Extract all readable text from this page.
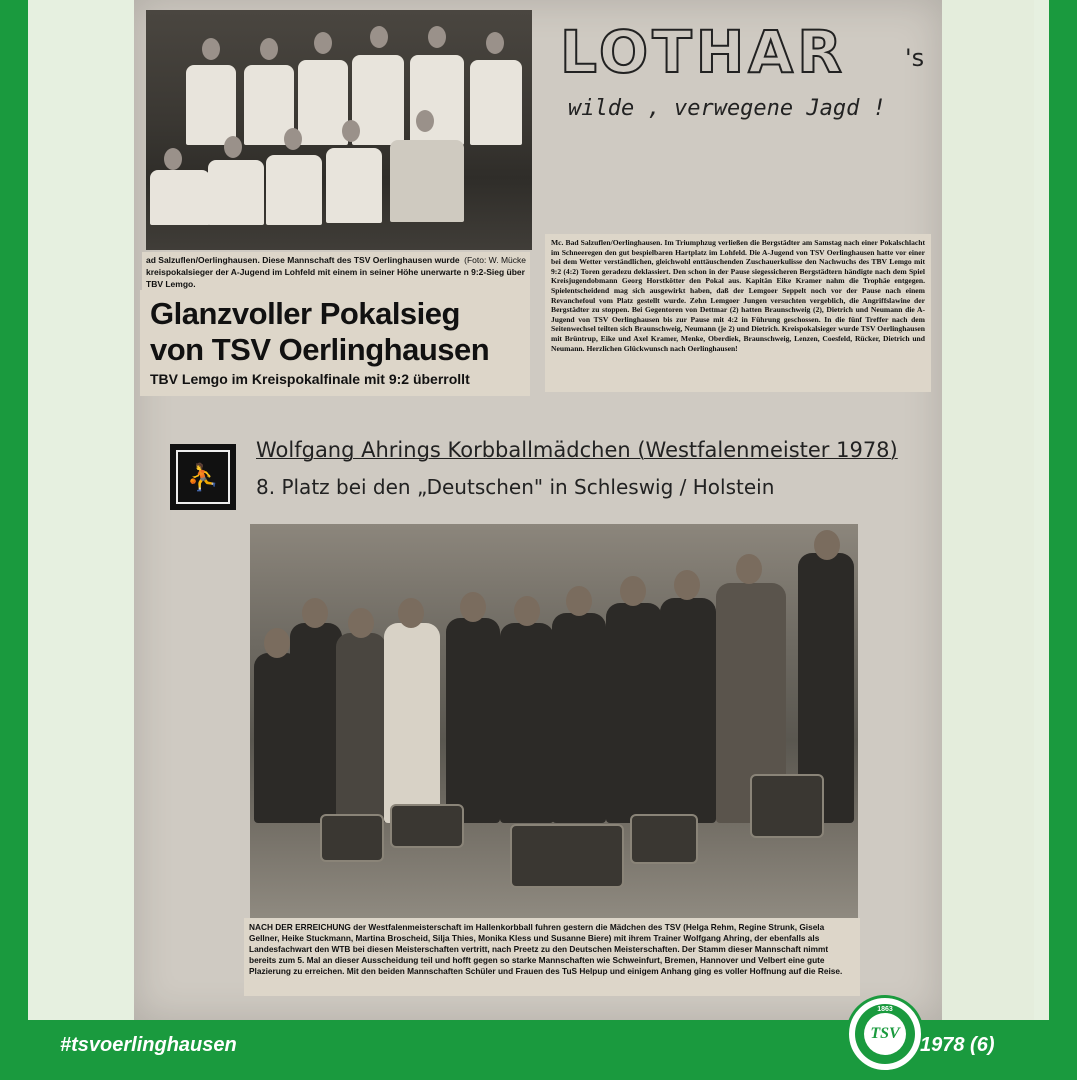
(Foto: W. Mücke
ad Salzuflen/Oerlinghausen. Diese Mannschaft des TSV Oerlinghausen wurde kreispokalsieger der A-Jugend im Lohfeld mit einem in seiner Höhe unerwarte n 9:2-Sieg über TBV Lemgo.
Glanzvoller Pokalsieg
von TSV Oerlinghausen
TBV Lemgo im Kreispokalfinale mit 9:2 überrollt
LOTHAR 's
wilde , verwegene Jagd !
Mc. Bad Salzuflen/Oerlinghausen. Im Triumphzug verließen die Bergstädter am Samstag nach einer Pokalschlacht im Schneeregen den gut bespielbaren Hartplatz im Lohfeld. Die A-Jugend von TSV Oerlinghausen hatte vor einer bei dem Wetter verständlichen, gleichwohl enttäuschenden Zuschauerkulisse den Nachwuchs des TBV Lemgo mit 9:2 (4:2) Toren geradezu deklassiert. Den schon in der Pause siegessicheren Bergstädtern händigte nach dem Spiel Kreisjugendobmann Georg Horstkötter den Pokal aus. Kapitän Eike Kramer nahm die Trophäe entgegen. Spielentscheidend mag sich ausgewirkt haben, daß der Lemgoer Seppelt noch vor der Pause nach einem Revanchefoul vom Platz gestellt wurde. Zehn Lemgoer Jungen versuchten vergeblich, die Angriffslawine der Bergstädter zu stoppen. Bei Gegentoren von Dettmar (2) hatten Braunschweig (2), Dietrich und Neumann die A-Jugend von TSV Oerlinghausen bis zur Pause mit 4:2 in Führung geschossen. In die fünf Treffer nach dem Seitenwechsel teilten sich Braunschweig, Neumann (je 2) und Dietrich. Kreispokalsieger wurde TSV Oerlinghausen mit Brüntrup, Eike und Axel Kramer, Menke, Oberdiek, Braunschweig, Lenzen, Coesfeld, Rücker, Dietrich und Neumann. Herzlichen Glückwunsch nach Oerlinghausen!
⛹
Wolfgang Ahrings Korbballmädchen (Westfalenmeister 1978)
8. Platz bei den „Deutschen" in Schleswig / Holstein
NACH DER ERREICHUNG der Westfalenmeisterschaft im Hallenkorbball fuhren gestern die Mädchen des TSV (Helga Rehm, Regine Strunk, Gisela Gellner, Heike Stuckmann, Martina Broscheid, Silja Thies, Monika Kless und Susanne Biere) mit ihrem Trainer Wolfgang Ahring, der ebenfalls als Landesfachwart den WTB bei diesen Meisterschaften vertritt, nach Preetz zu den Deutschen Meisterschaften. Der Stamm dieser Mannschaft nimmt bereits zum 5. Mal an dieser Ausscheidung teil und hofft gegen so starke Mannschaften wie Schweinfurt, Bremen, Hannover und Velbert eine gute Plazierung zu erreichen. Mit den beiden Mannschaften Schüler und Frauen des TuS Helpup und einigem Anhang ging es voller Hoffnung auf die Reise.
#tsvoerlinghausen
1863
TSV
1978 (6)
